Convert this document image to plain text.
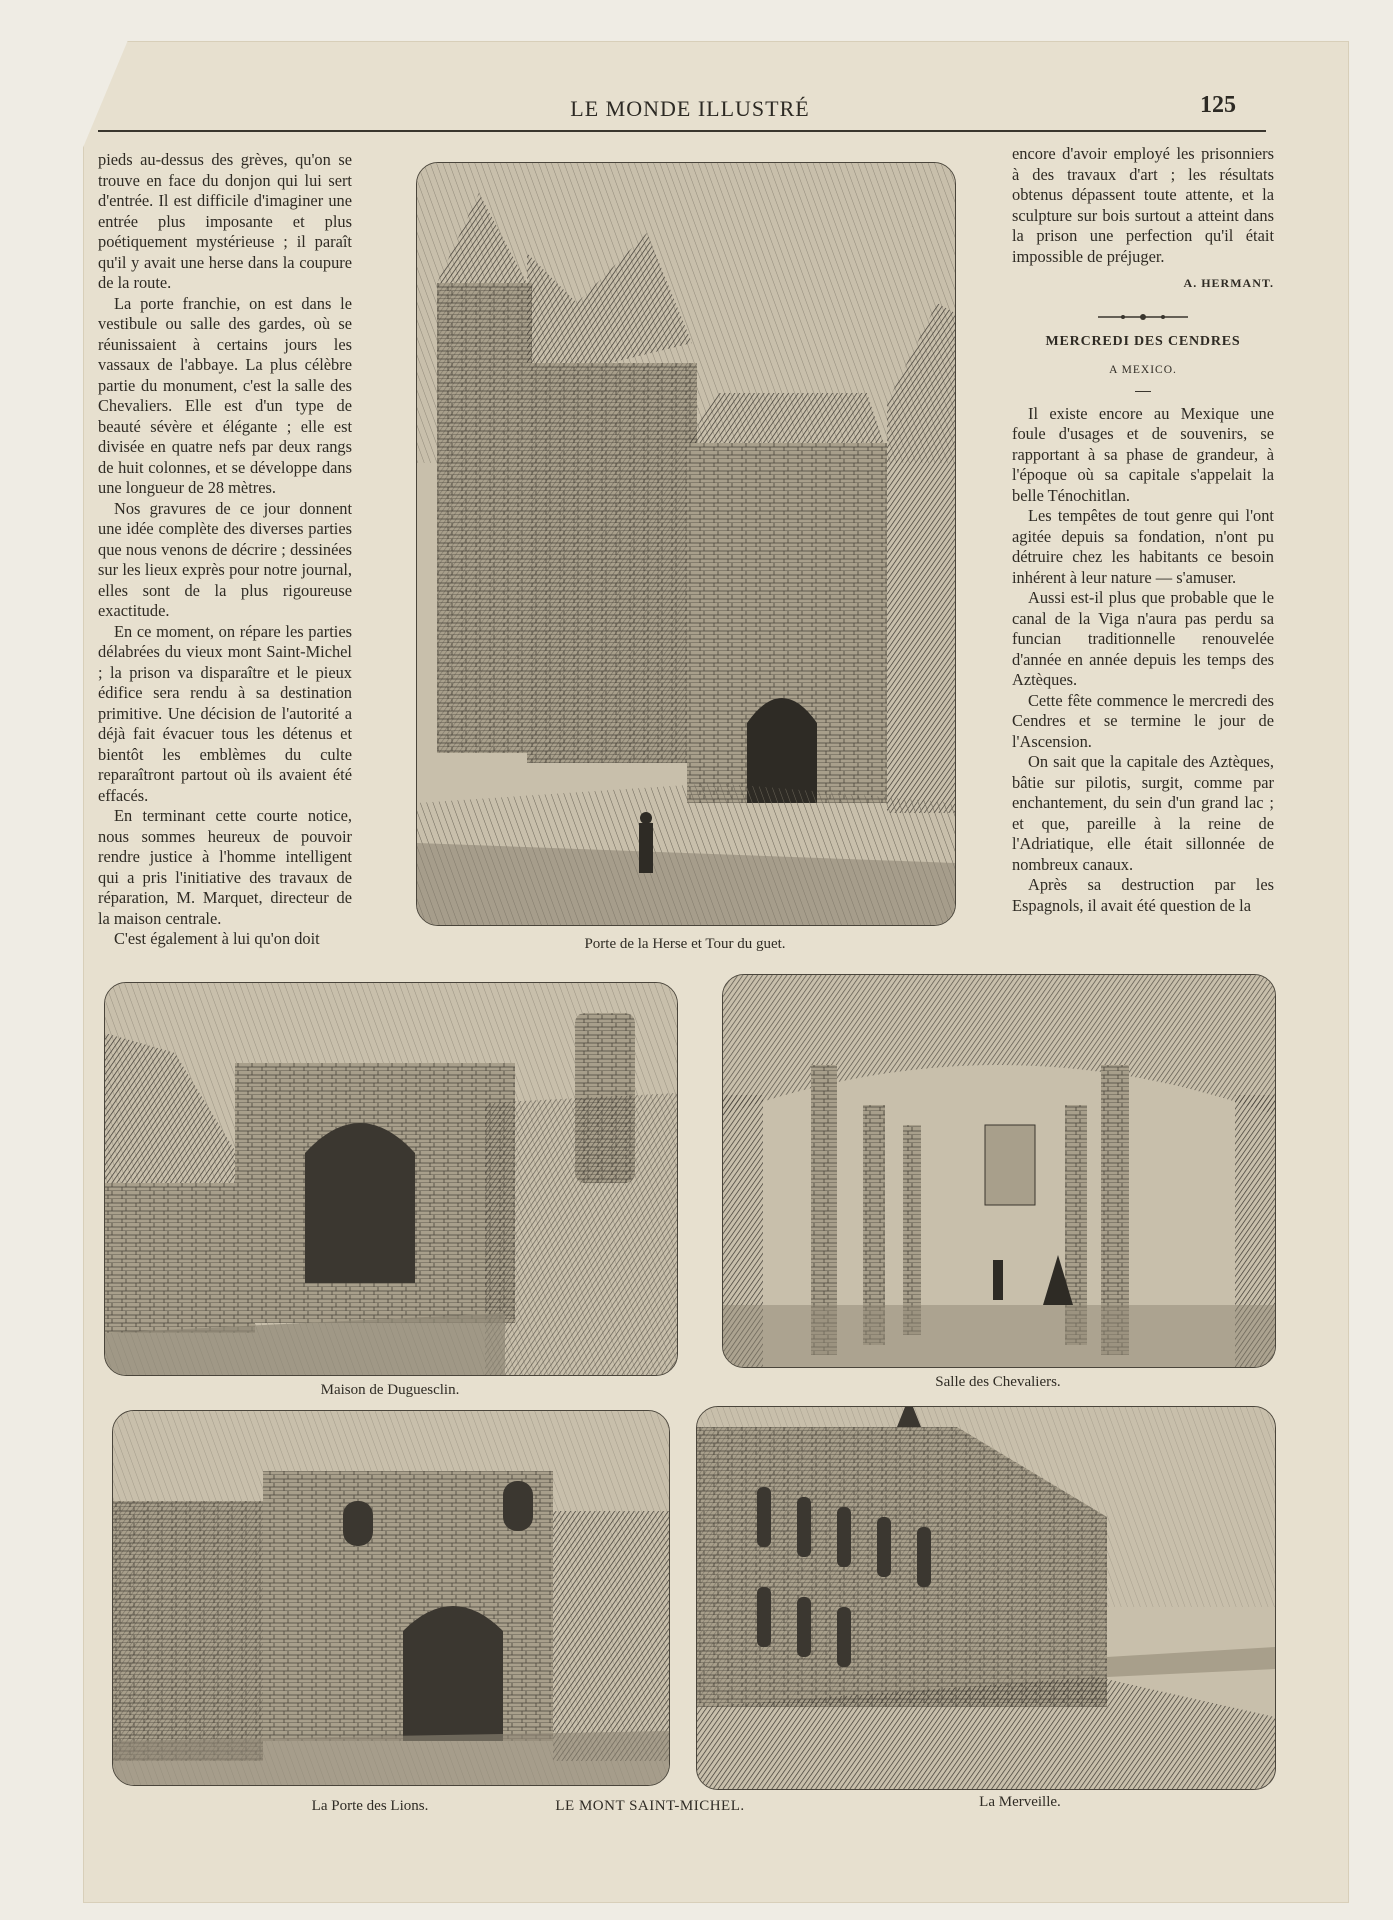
LE MONDE ILLUSTRÉ	125

pieds au-dessus des grèves, qu'on se trouve en face du donjon qui lui sert d'entrée. Il est difficile d'imaginer une entrée plus imposante et plus poétiquement mystérieuse ; il paraît qu'il y avait une herse dans la coupure de la route.

La porte franchie, on est dans le vestibule ou salle des gardes, où se réunissaient à certains jours les vassaux de l'abbaye. La plus célèbre partie du monument, c'est la salle des Chevaliers. Elle est d'un type de beauté sévère et élégante ; elle est divisée en quatre nefs par deux rangs de huit colonnes, et se développe dans une longueur de 28 mètres.

Nos gravures de ce jour donnent une idée complète des diverses parties que nous venons de décrire ; dessinées sur les lieux exprès pour notre journal, elles sont de la plus rigoureuse exactitude.

En ce moment, on répare les parties délabrées du vieux mont Saint-Michel ; la prison va disparaître et le pieux édifice sera rendu à sa destination primitive. Une décision de l'autorité a déjà fait évacuer tous les détenus et bientôt les emblèmes du culte reparaîtront partout où ils avaient été effacés.

En terminant cette courte notice, nous sommes heureux de pouvoir rendre justice à l'homme intelligent qui a pris l'initiative des travaux de réparation, M. Marquet, directeur de la maison centrale.

C'est également à lui qu'on doit	Porte de la Herse et Tour du guet.

encore d'avoir employé les prisonniers à des travaux d'art ; les résultats obtenus dépassent toute attente, et la sculpture sur bois surtout a atteint dans la prison une perfection qu'il était impossible de préjuger.

A. HERMANT.
MERCREDI DES CENDRES
A MEXICO.

Il existe encore au Mexique une foule d'usages et de souvenirs, se rapportant à sa phase de grandeur, à l'époque où sa capitale s'appelait la belle Ténochitlan.

Les tempêtes de tout genre qui l'ont agitée depuis sa fondation, n'ont pu détruire chez les habitants ce besoin inhérent à leur nature — s'amuser.

Aussi est-il plus que probable que le canal de la Viga n'aura pas perdu sa funcian traditionnelle renouvelée d'année en année depuis les temps des Aztèques.

Cette fête commence le mercredi des Cendres et se termine le jour de l'Ascension.

On sait que la capitale des Aztèques, bâtie sur pilotis, surgit, comme par enchantement, du sein d'un grand lac ; et que, pareille à la reine de l'Adriatique, elle était sillonnée de nombreux canaux.

Après sa destruction par les Espagnols, il avait été question de la

Maison de Duguesclin.	Salle des Chevaliers.
La Porte des Lions.	La Merveille.
LE MONT SAINT-MICHEL.
